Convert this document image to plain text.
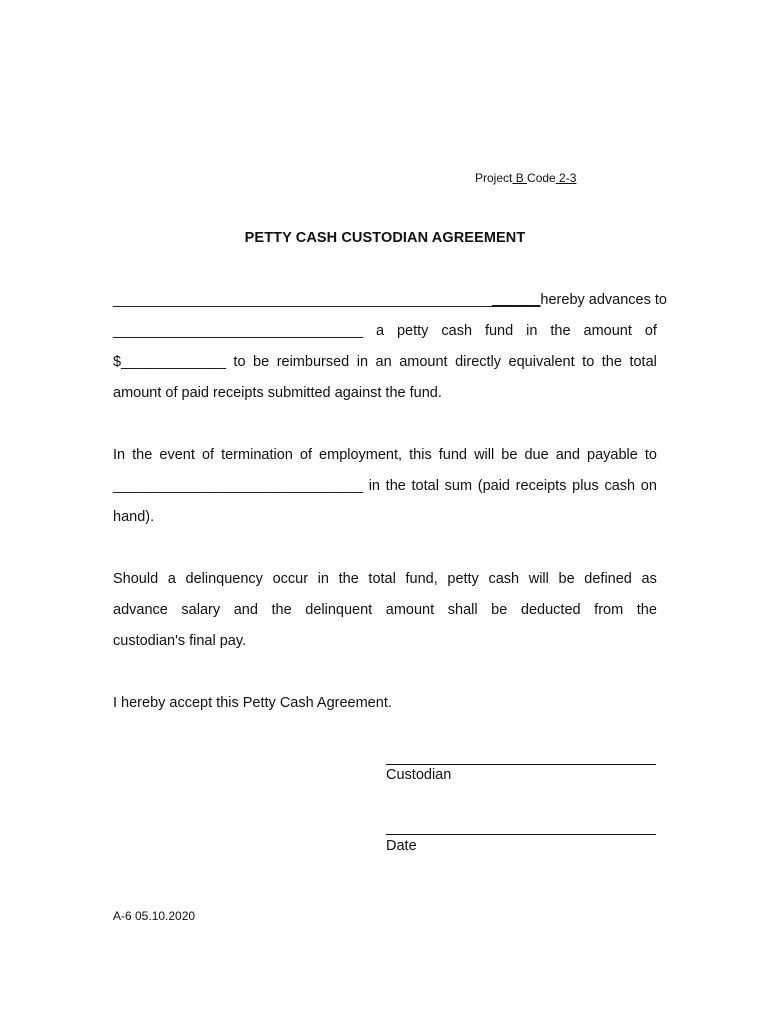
Project B Code 2-3
PETTY CASH CUSTODIAN AGREEMENT
_____________________________________________________hereby advances to
_______________________________ a petty cash fund in the amount of
$_____________ to be reimbursed in an amount directly equivalent to the total
amount of paid receipts submitted against the fund.
In the event of termination of employment, this fund will be due and payable to
_______________________________ in the total sum (paid receipts plus cash on
hand).
Should a delinquency occur in the total fund, petty cash will be defined as
advance salary and the delinquent amount shall be deducted from the
custodian's final pay.
I hereby accept this Petty Cash Agreement.
Custodian
Date
A-6 05.10.2020
